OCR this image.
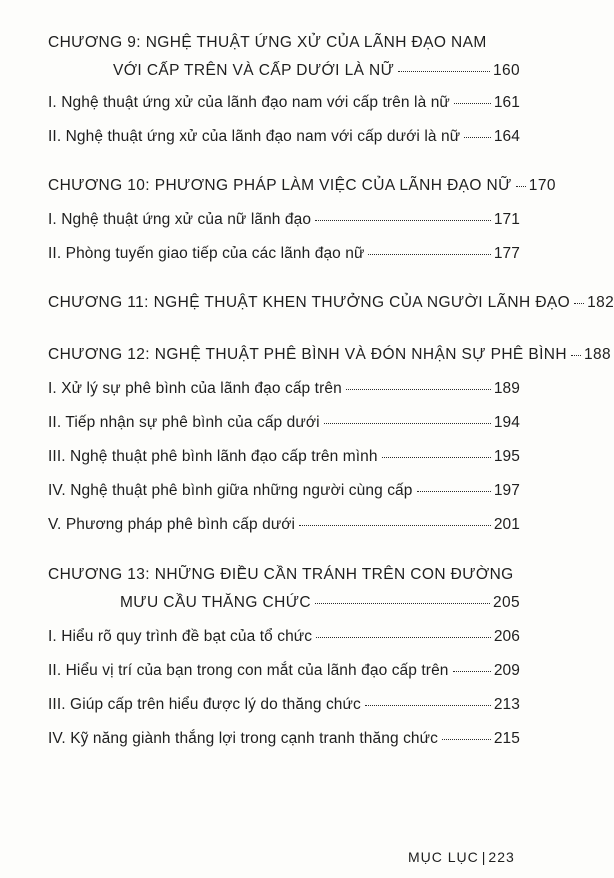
CHƯƠNG 9: NGHỆ THUẬT ỨNG XỬ CỦA LÃNH ĐẠO NAM
VỚI CẤP TRÊN VÀ CẤP DƯỚI LÀ NỮ	160
I. Nghệ thuật ứng xử của lãnh đạo nam với cấp trên là nữ	161
II. Nghệ thuật ứng xử của lãnh đạo nam với cấp dưới là nữ 164
CHƯƠNG 10: PHƯƠNG PHÁP LÀM VIỆC CỦA LÃNH ĐẠO NỮ 170
I. Nghệ thuật ứng xử của nữ lãnh đạo	171
II. Phòng tuyến giao tiếp của các lãnh đạo nữ	177
CHƯƠNG 11: NGHỆ THUẬT KHEN THƯỞNG CỦA NGƯỜI LÃNH ĐẠO 182
CHƯƠNG 12: NGHỆ THUẬT PHÊ BÌNH VÀ ĐÓN NHẬN SỰ PHÊ BÌNH 188
I. Xử lý sự phê bình của lãnh đạo cấp trên	189
II. Tiếp nhận sự phê bình của cấp dưới	194
III. Nghệ thuật phê bình lãnh đạo cấp trên mình	195
IV. Nghệ thuật phê bình giữa những người cùng cấp	197
V. Phương pháp phê bình cấp dưới	201
CHƯƠNG 13: NHỮNG ĐIỀU CẦN TRÁNH TRÊN CON ĐƯỜNG
MƯU CẦU THĂNG CHỨC	205
I. Hiểu rõ quy trình đề bạt của tổ chức	206
II. Hiểu vị trí của bạn trong con mắt của lãnh đạo cấp trên	209
III. Giúp cấp trên hiểu được lý do thăng chức	213
IV. Kỹ năng giành thắng lợi trong cạnh tranh thăng chức	215
MỤC LỤC | 223
